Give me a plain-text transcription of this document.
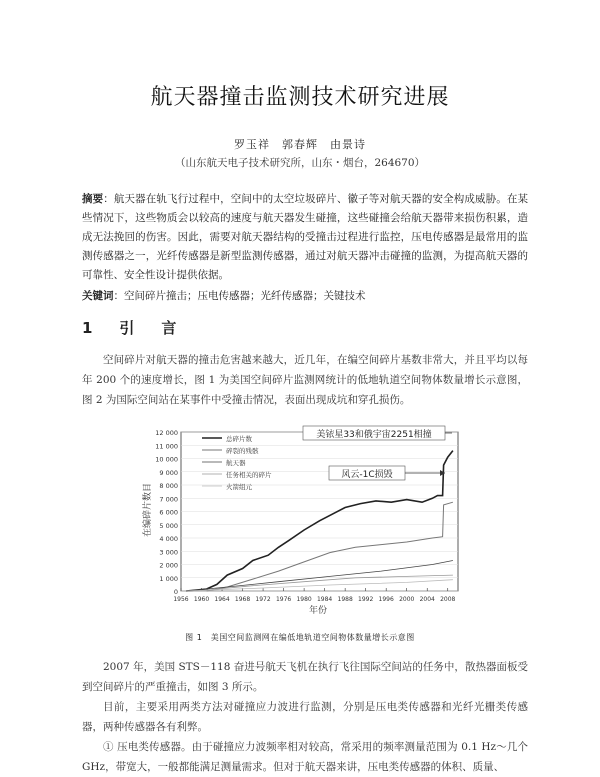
航天器撞击监测技术研究进展
罗玉祥　郭春辉　由景诗
（山东航天电子技术研究所，山东・烟台，264670）
摘要：航天器在轨飞行过程中，空间中的太空垃圾碎片、徽子等对航天器的安全构成威胁。在某些情况下，这些物质会以较高的速度与航天器发生碰撞，这些碰撞会给航天器带来损伤积累，造成无法挽回的伤害。因此，需要对航天器结构的受撞击过程进行监控，压电传感器是最常用的监测传感器之一，光纤传感器是新型监测传感器，通过对航天器冲击碰撞的监测，为提高航天器的可靠性、安全性设计提供依据。
关键词：空间碎片撞击；压电传感器；光纤传感器；关键技术
1　引　言
空间碎片对航天器的撞击危害越来越大，近几年，在编空间碎片基数非常大，并且平均以每年 200 个的速度增长，图 1 为美国空间碎片监测网统计的低地轨道空间物体数量增长示意图，图 2 为国际空间站在某事件中受撞击情况，表面出现成坑和穿孔损伤。
在编碎片数目
年份
0
1 000
2 000
3 000
4 000
5 000
6 000
7 000
8 000
9 000
10 000
11 000
12 000
1956 1960 1964 1968 1972 1976 1980 1984 1988 1992 1996 2000 2004 2008
总碎片数
碎裂的残骸
航天器
任务相关的碎片
火箭组元
美铱星33和俄宇宙2251相撞
风云-1C损毁
图 1　美国空间监测网在编低地轨道空间物体数量增长示意图
2007 年，美国 STS－118 奋进号航天飞机在执行飞往国际空间站的任务中，散热器面板受到空间碎片的严重撞击，如图 3 所示。
目前，主要采用两类方法对碰撞应力波进行监测，分别是压电类传感器和光纤光栅类传感器，两种传感器各有利弊。
① 压电类传感器。由于碰撞应力波频率相对较高，常采用的频率测量范围为 0.1 Hz～几个 GHz，带宽大，一般都能满足测量需求。但对于航天器来讲，压电类传感器的体积、质量、
